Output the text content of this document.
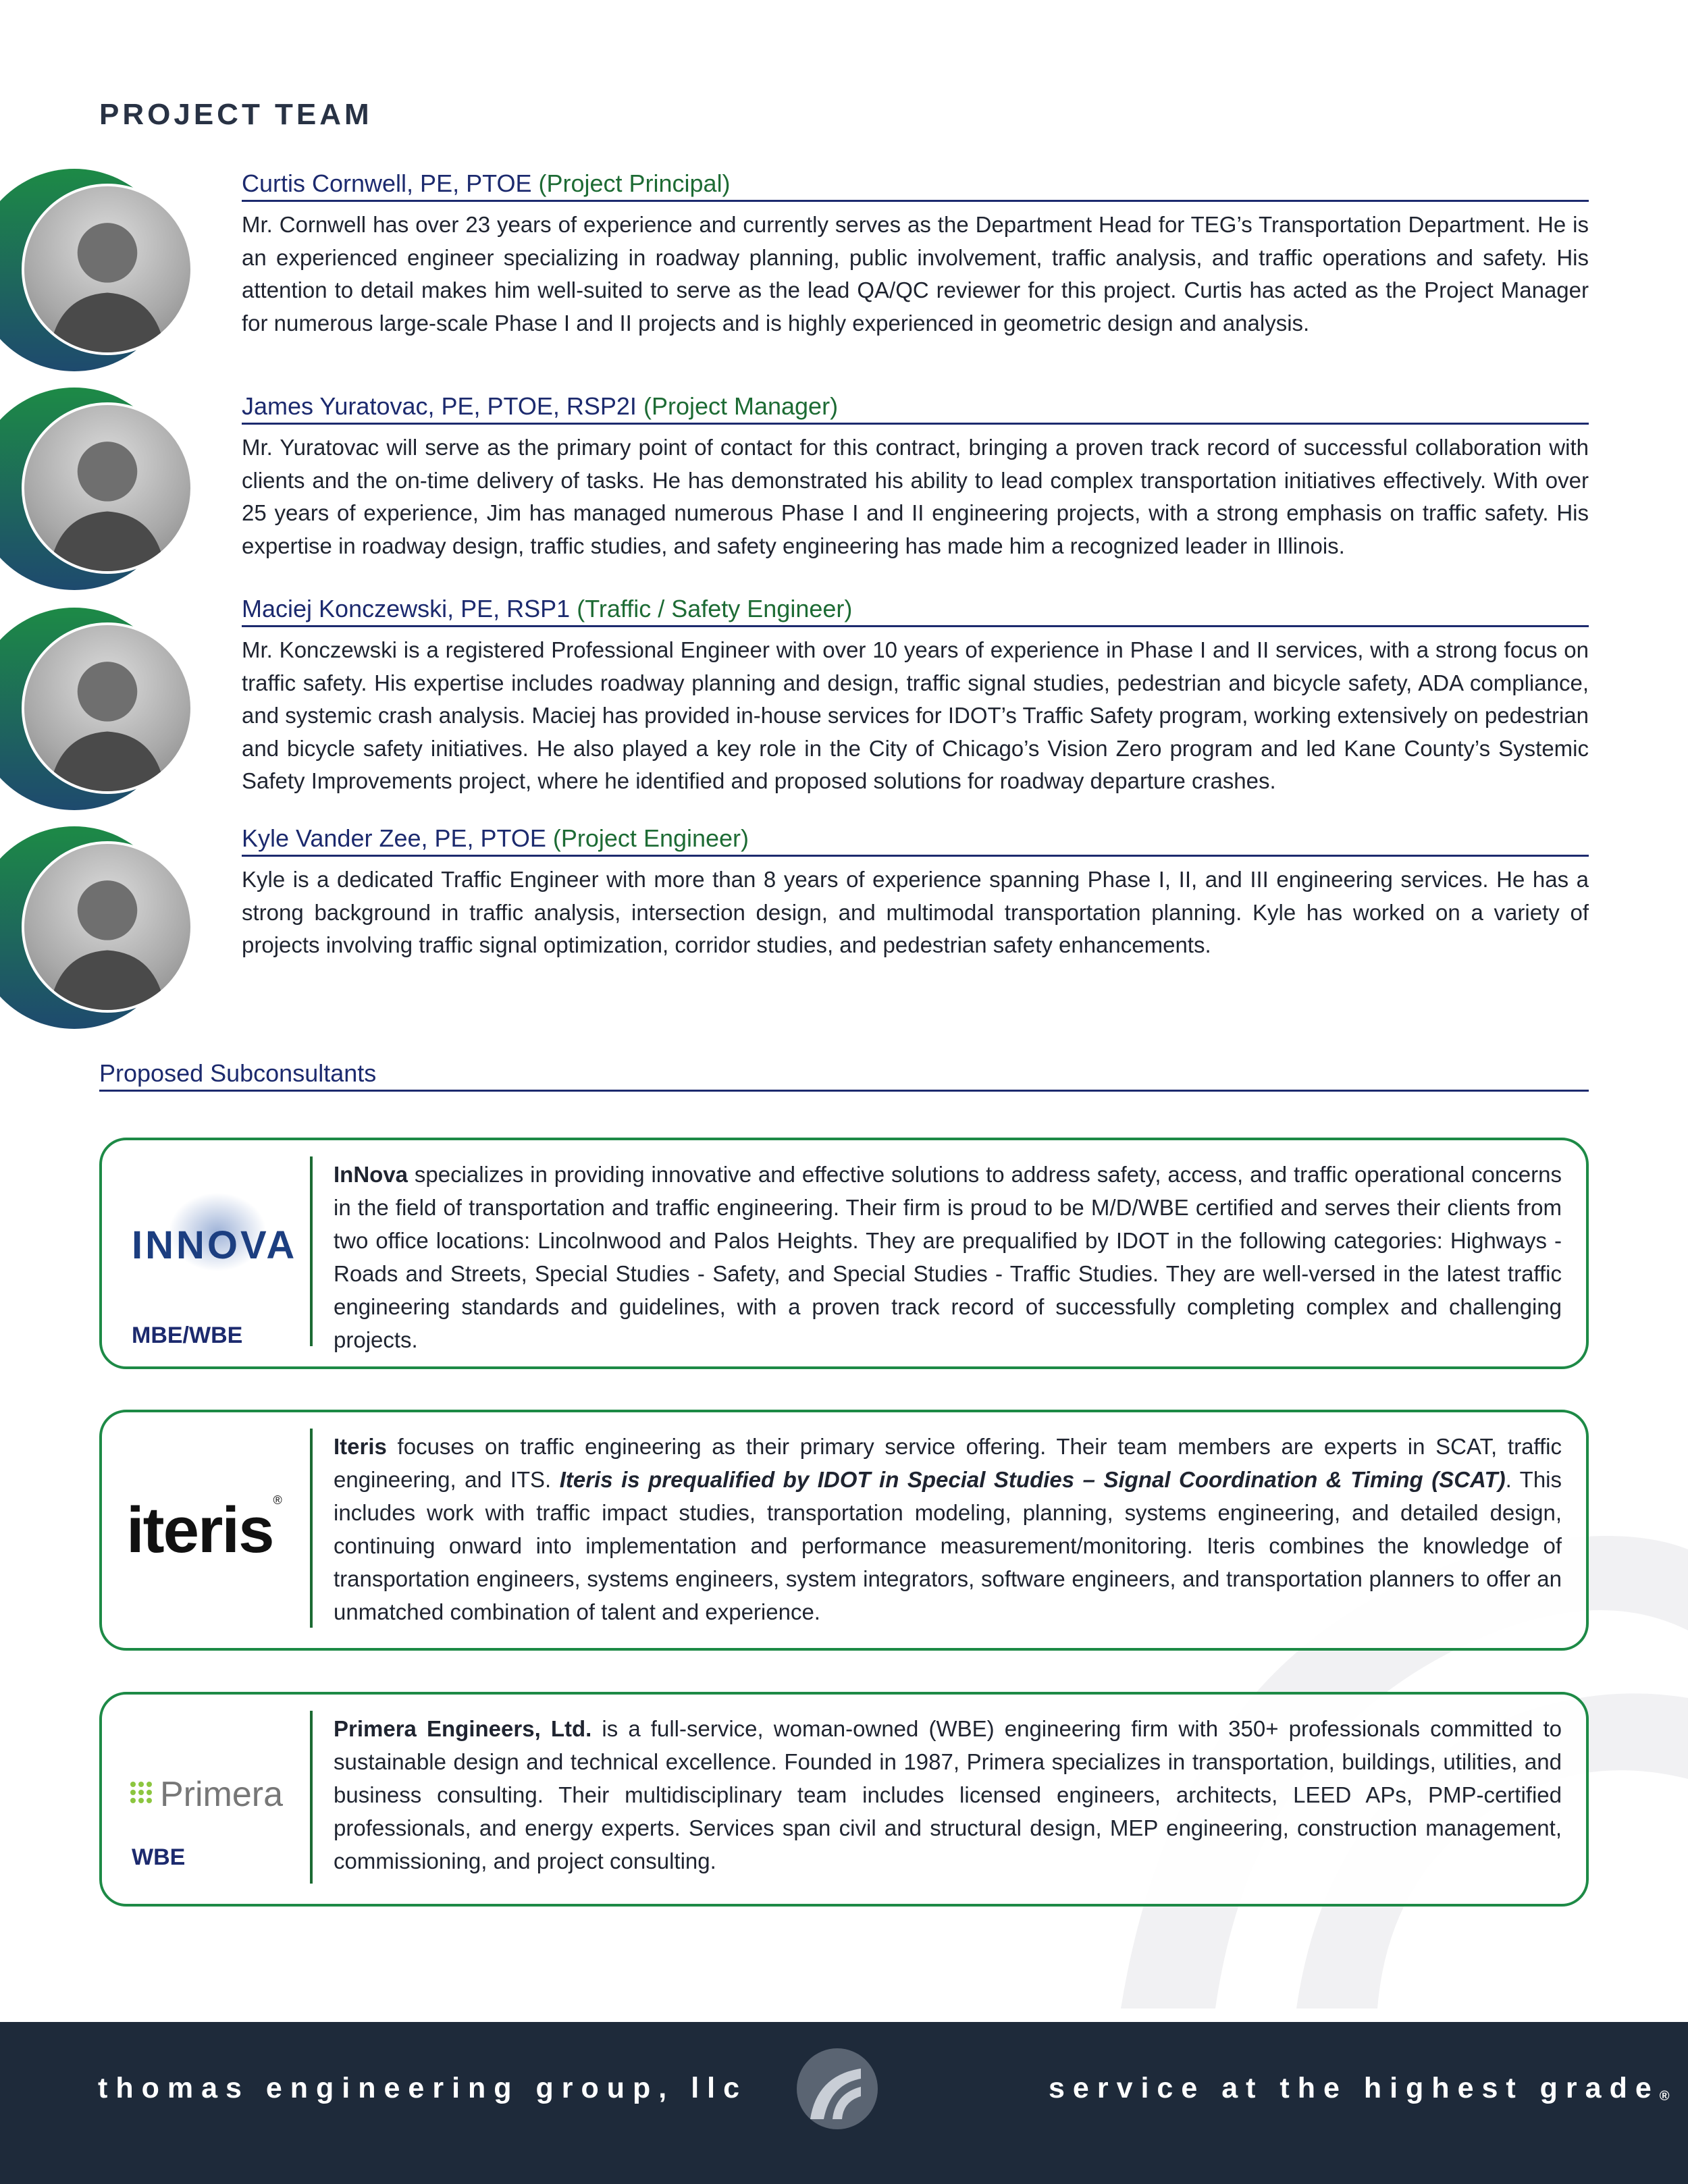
PROJECT TEAM
Curtis Cornwell, PE, PTOE (Project Principal)

Mr. Cornwell has over 23 years of experience and currently serves as the Department Head for TEG’s Transportation Department. He is an experienced engineer specializing in roadway planning, public involvement, traffic analysis, and traffic operations and safety. His attention to detail makes him well-suited to serve as the lead QA/QC reviewer for this project. Curtis has acted as the Project Manager for numerous large-scale Phase I and II projects and is highly experienced in geometric design and analysis.

James Yuratovac, PE, PTOE, RSP2I (Project Manager)

Mr. Yuratovac will serve as the primary point of contact for this contract, bringing a proven track record of successful collaboration with clients and the on-time delivery of tasks. He has demonstrated his ability to lead complex transportation initiatives effectively. With over 25 years of experience, Jim has managed numerous Phase I and II engineering projects, with a strong emphasis on traffic safety. His expertise in roadway design, traffic studies, and safety engineering has made him a recognized leader in Illinois.

Maciej Konczewski, PE, RSP1 (Traffic / Safety Engineer)

Mr. Konczewski is a registered Professional Engineer with over 10 years of experience in Phase I and II services, with a strong focus on traffic safety. His expertise includes roadway planning and design, traffic signal studies, pedestrian and bicycle safety, ADA compliance, and systemic crash analysis. Maciej has provided in-house services for IDOT’s Traffic Safety program, working extensively on pedestrian and bicycle safety initiatives. He also played a key role in the City of Chicago’s Vision Zero program and led Kane County’s Systemic Safety Improvements project, where he identified and proposed solutions for roadway departure crashes.

Kyle Vander Zee, PE, PTOE (Project Engineer)

Kyle is a dedicated Traffic Engineer with more than 8 years of experience spanning Phase I, II, and III engineering services. He has a strong background in traffic analysis, intersection design, and multimodal transportation planning. Kyle has worked on a variety of projects involving traffic signal optimization, corridor studies, and pedestrian safety enhancements.

Proposed Subconsultants
INNOVA
MBE/WBE

InNova specializes in providing innovative and effective solutions to address safety, access, and traffic operational concerns in the field of transportation and traffic engineering. Their firm is proud to be M/D/WBE certified and serves their clients from two office locations: Lincolnwood and Palos Heights. They are prequalified by IDOT in the following categories: Highways - Roads and Streets, Special Studies - Safety, and Special Studies - Traffic Studies. They are well-versed in the latest traffic engineering standards and guidelines, with a proven track record of successfully completing complex and challenging projects.

iteris®

Iteris focuses on traffic engineering as their primary service offering. Their team members are experts in SCAT, traffic engineering, and ITS. Iteris is prequalified by IDOT in Special Studies – Signal Coordination & Timing (SCAT). This includes work with traffic impact studies, transportation modeling, planning, systems engineering, and detailed design, continuing onward into implementation and performance measurement/monitoring. Iteris combines the knowledge of transportation engineers, systems engineers, system integrators, software engineers, and transportation planners to offer an unmatched combination of talent and experience.

Primera
WBE

Primera Engineers, Ltd. is a full-service, woman-owned (WBE) engineering firm with 350+ professionals committed to sustainable design and technical excellence. Founded in 1987, Primera specializes in transportation, buildings, utilities, and business consulting. Their multidisciplinary team includes licensed engineers, architects, LEED APs, PMP-certified professionals, and energy experts. Services span civil and structural design, MEP engineering, construction management, commissioning, and project consulting.

thomas engineering group, llc	service at the highest grade®
